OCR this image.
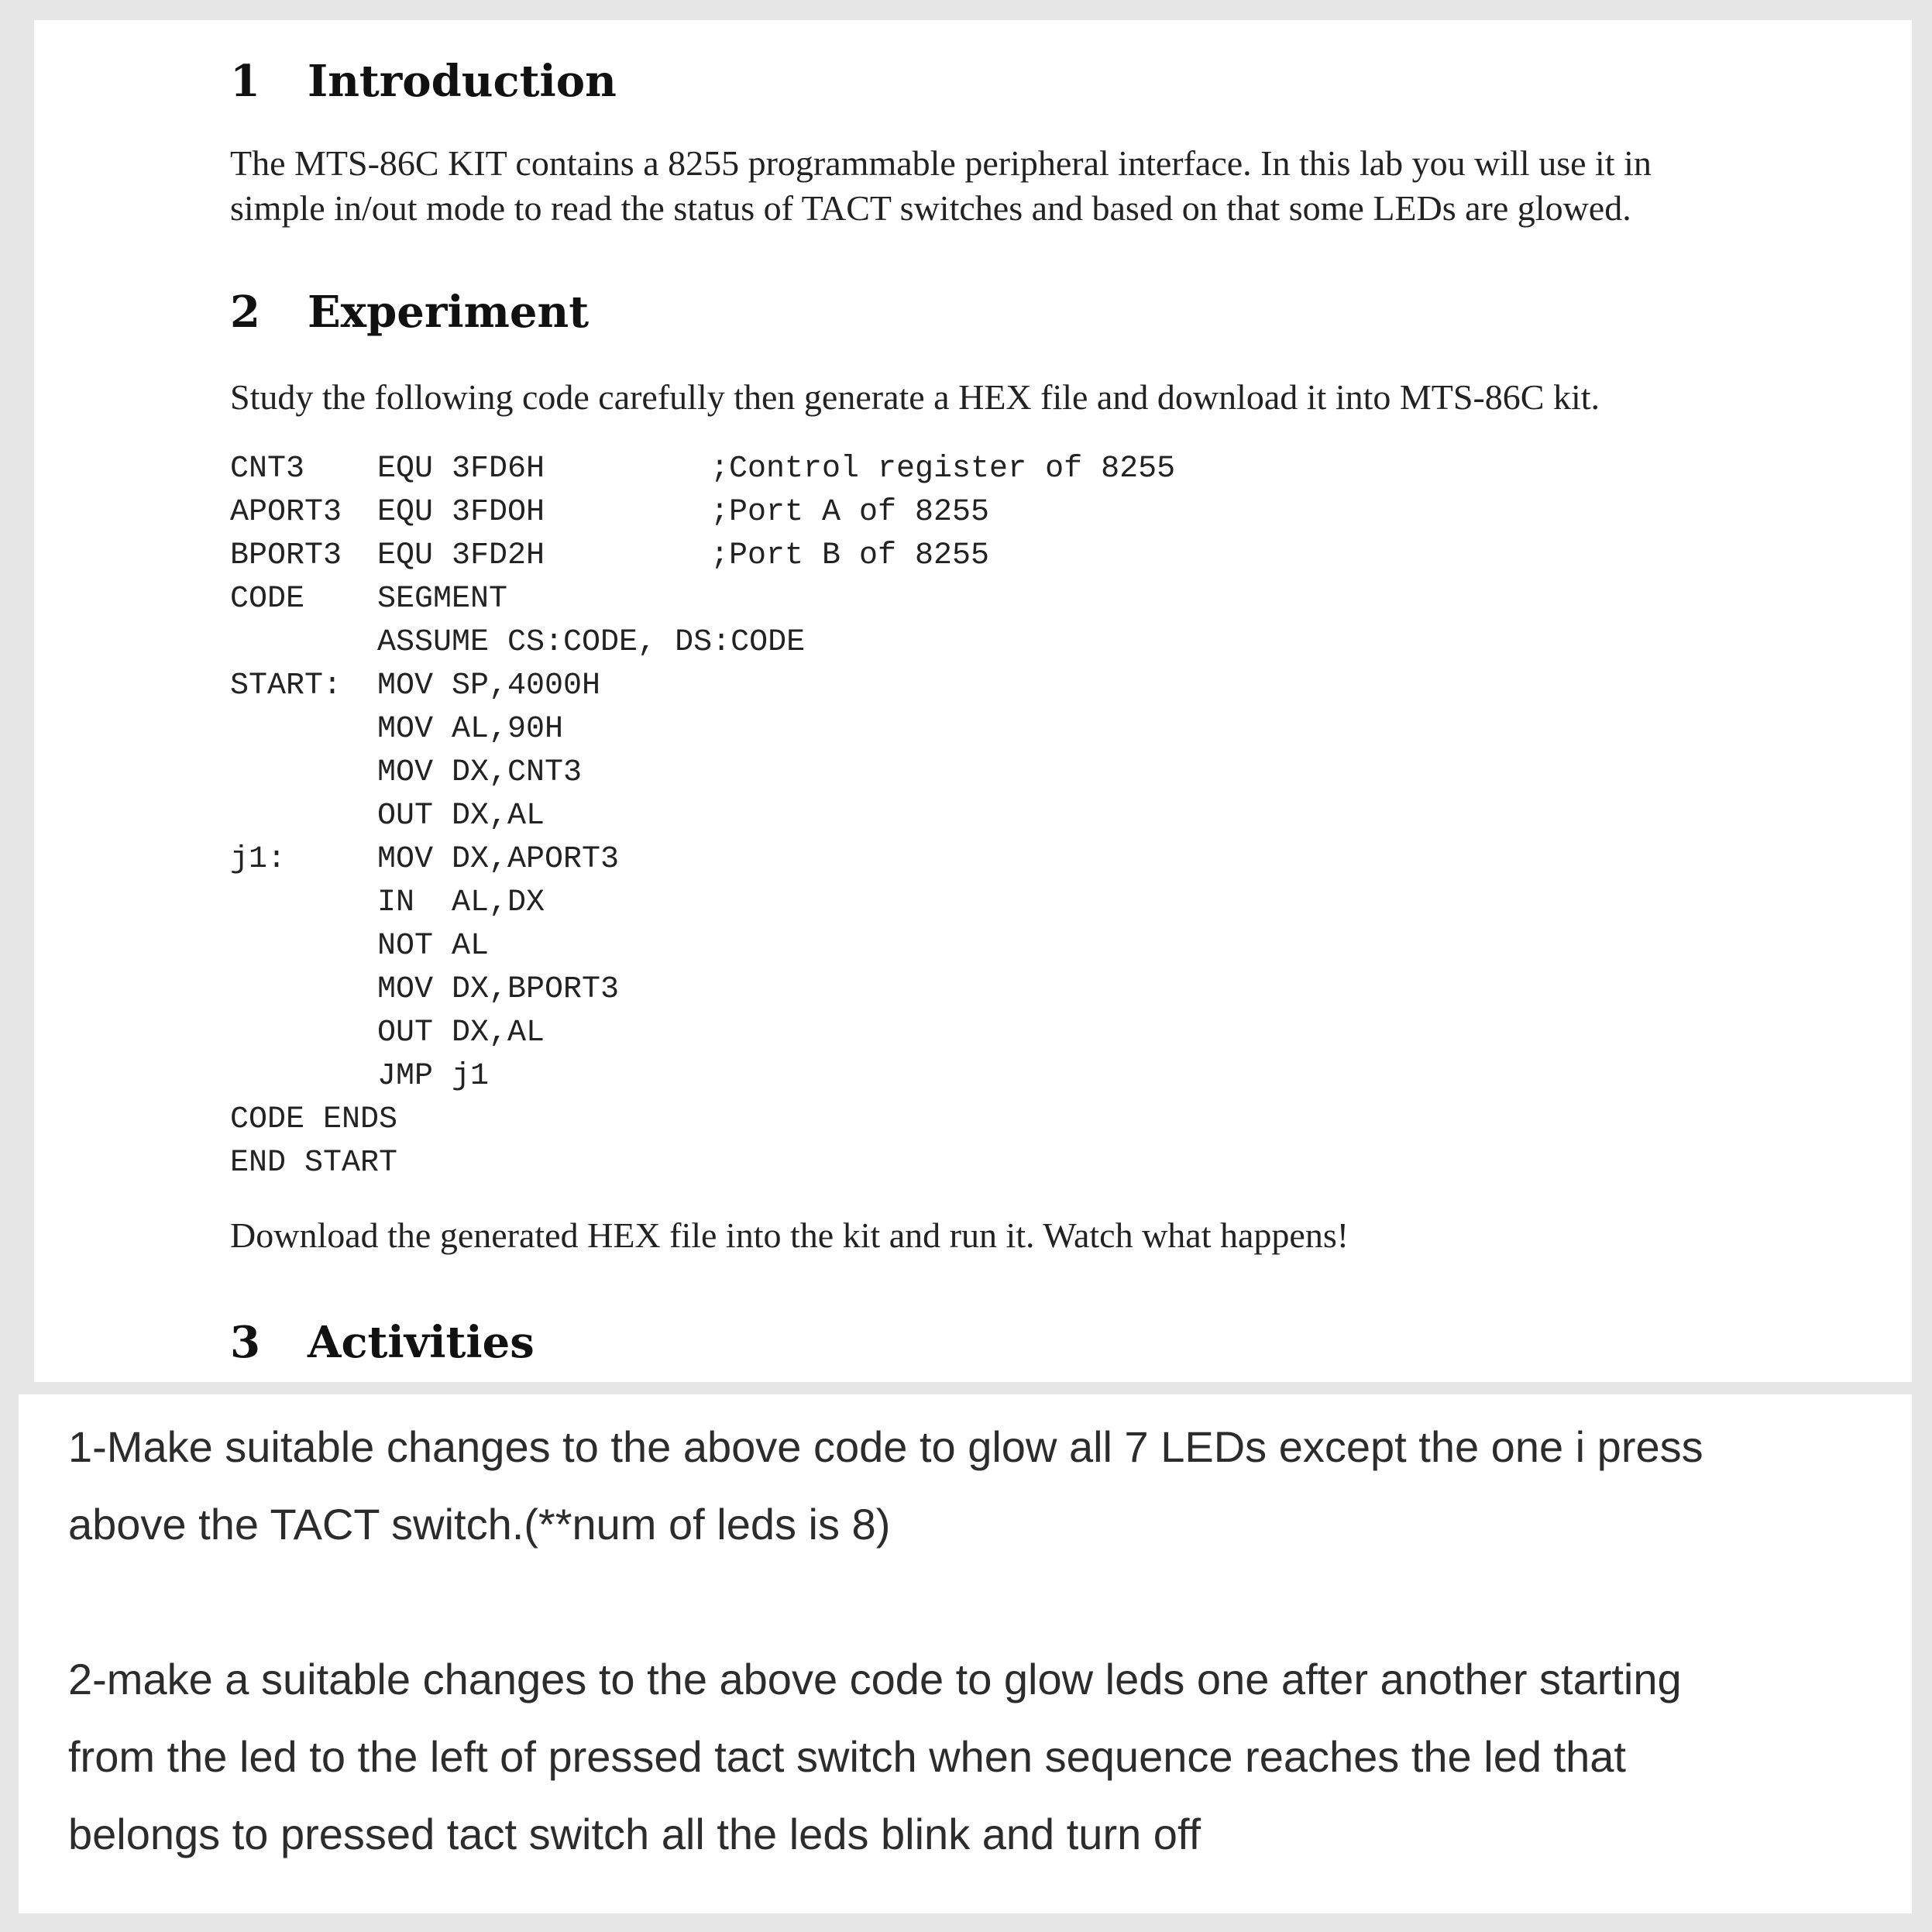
1 Introduction
The MTS-86C KIT contains a 8255 programmable peripheral interface. In this lab you will use it in
simple in/out mode to read the status of TACT switches and based on that some LEDs are glowed.
2 Experiment
Study the following code carefully then generate a HEX file and download it into MTS-86C kit.
CNT3 EQU 3FD6H	;Control register of 8255
APORT3 EQU 3FDOH	;Port A of 8255
BPORT3 EQU 3FD2H	;Port B of 8255
CODE SEGMENT
ASSUME CS:CODE, DS:CODE
START: MOV SP,4000H
MOV AL,90H
MOV DX,CNT3
OUT DX,AL
j1:	MOV DX,APORT3
IN  AL,DX
NOT AL
MOV DX,BPORT3
OUT DX,AL
JMP j1
CODE ENDS
END START
Download the generated HEX file into the kit and run it. Watch what happens!
3 Activities
1-Make suitable changes to the above code to glow all 7 LEDs except the one i press
above the TACT switch.(**num of leds is 8)
2-make a suitable changes to the above code to glow leds one after another starting
from the led to the left of pressed tact switch when sequence reaches the led that
belongs to pressed tact switch all the leds blink and turn off
